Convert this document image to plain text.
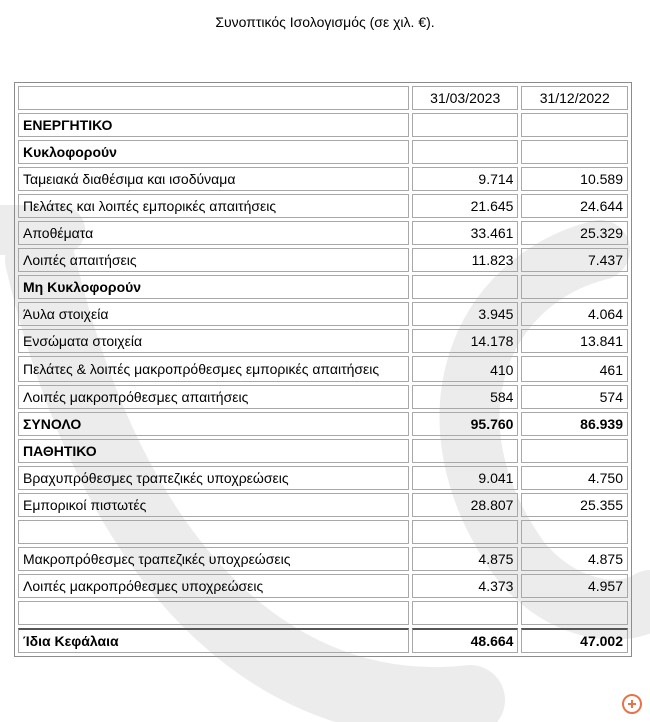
Συνοπτικός Ισολογισμός (σε χιλ. €).
	31/03/2023	31/12/2022
ΕΝΕΡΓΗΤΙΚΟ		
Κυκλοφορούν		
Ταμειακά διαθέσιμα και ισοδύναμα	9.714	10.589
Πελάτες και λοιπές εμπορικές απαιτήσεις	21.645	24.644
Αποθέματα	33.461	25.329
Λοιπές απαιτήσεις	11.823	7.437
Μη Κυκλοφορούν		
Άυλα στοιχεία	3.945	4.064
Ενσώματα στοιχεία	14.178	13.841
Πελάτες & λοιπές μακροπρόθεσμες εμπορικές απαιτήσεις	410	461
Λοιπές μακροπρόθεσμες απαιτήσεις	584	574
ΣΥΝΟΛΟ	95.760	86.939
ΠΑΘΗΤΙΚΟ		
Βραχυπρόθεσμες τραπεζικές υποχρεώσεις	9.041	4.750
Εμπορικοί πιστωτές	28.807	25.355

Μακροπρόθεσμες τραπεζικές υποχρεώσεις	4.875	4.875
Λοιπές μακροπρόθεσμες υποχρεώσεις	4.373	4.957

Ίδια Κεφάλαια	48.664	47.002
